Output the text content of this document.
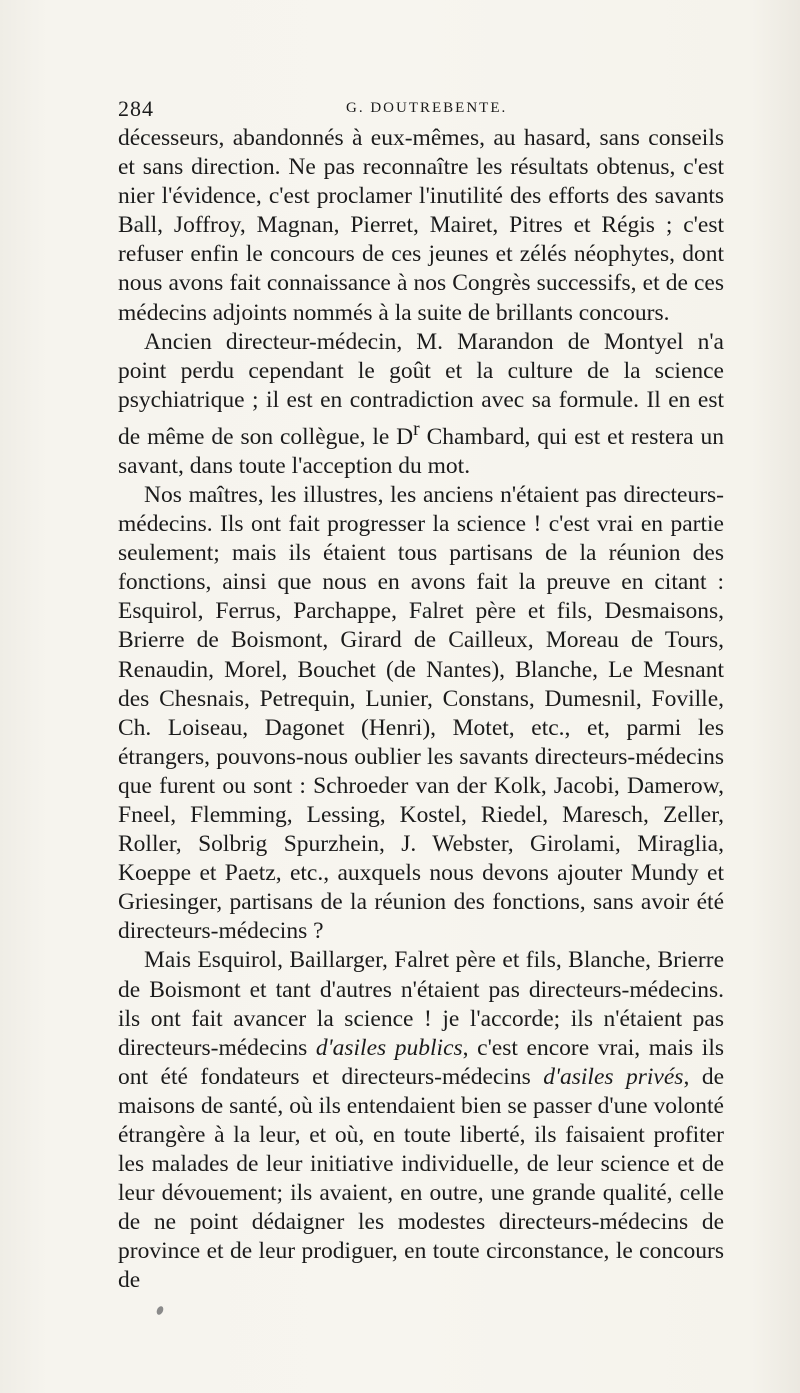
284	G. DOUTREBENTE.

décesseurs, abandonnés à eux-mêmes, au hasard, sans conseils et sans direction. Ne pas reconnaître les résultats obtenus, c'est nier l'évidence, c'est proclamer l'inutilité des efforts des savants Ball, Joffroy, Magnan, Pierret, Mairet, Pitres et Régis ; c'est refuser enfin le concours de ces jeunes et zélés néophytes, dont nous avons fait connaissance à nos Congrès successifs, et de ces médecins adjoints nommés à la suite de brillants concours.

Ancien directeur-médecin, M. Marandon de Montyel n'a point perdu cependant le goût et la culture de la science psychiatrique ; il est en contradiction avec sa formule. Il en est de même de son collègue, le $D^r$ Chambard, qui est et restera un savant, dans toute l'acception du mot.

Nos maîtres, les illustres, les anciens n'étaient pas directeurs-médecins. Ils ont fait progresser la science ! c'est vrai en partie seulement; mais ils étaient tous partisans de la réunion des fonctions, ainsi que nous en avons fait la preuve en citant : Esquirol, Ferrus, Parchappe, Falret père et fils, Desmaisons, Brierre de Boismont, Girard de Cailleux, Moreau de Tours, Renaudin, Morel, Bouchet (de Nantes), Blanche, Le Mesnant des Chesnais, Petrequin, Lunier, Constans, Dumesnil, Foville, Ch. Loiseau, Dagonet (Henri), Motet, etc., et, parmi les étrangers, pouvons-nous oublier les savants directeurs-médecins que furent ou sont : Schroeder van der Kolk, Jacobi, Damerow, Fneel, Flemming, Lessing, Kostel, Riedel, Maresch, Zeller, Roller, Solbrig Spurzhein, J. Webster, Girolami, Miraglia, Koeppe et Paetz, etc., auxquels nous devons ajouter Mundy et Griesinger, partisans de la réunion des fonctions, sans avoir été directeurs-médecins ?

Mais Esquirol, Baillarger, Falret père et fils, Blanche, Brierre de Boismont et tant d'autres n'étaient pas directeurs-médecins. ils ont fait avancer la science ! je l'accorde; ils n'étaient pas directeurs-médecins d'asiles publics, c'est encore vrai, mais ils ont été fondateurs et directeurs-médecins d'asiles privés, de maisons de santé, où ils entendaient bien se passer d'une volonté étrangère à la leur, et où, en toute liberté, ils faisaient profiter les malades de leur initiative individuelle, de leur science et de leur dévouement; ils avaient, en outre, une grande qualité, celle de ne point dédaigner les modestes directeurs-médecins de province et de leur prodiguer, en toute circonstance, le concours de
